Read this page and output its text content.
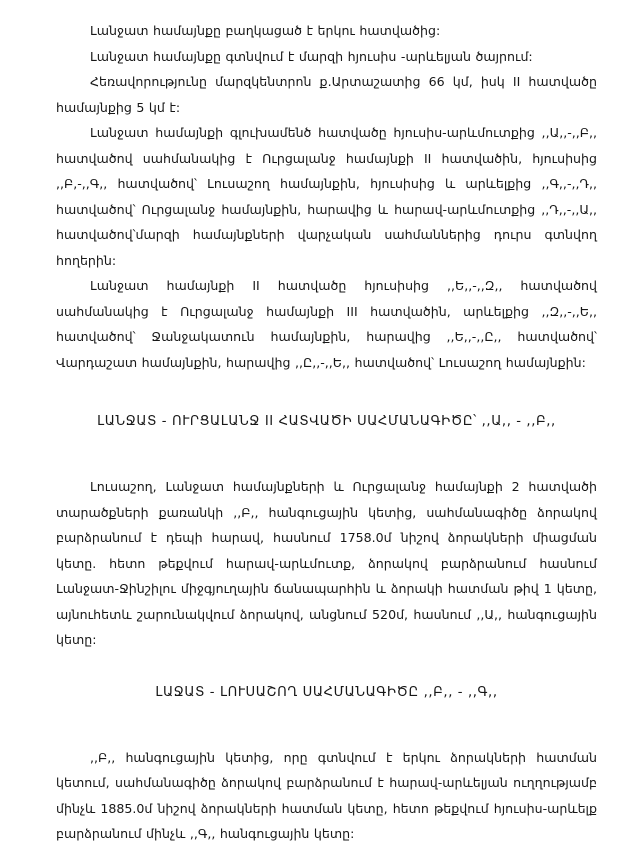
Լանջատ համայնքը բաղկացած է երկու հատվածից:

Լանջատ համայնքը գտնվում է մարզի հյուսիս -արևելյան ծայրում:

Հեռավորությունը մարզկենտրոն ք.Արտաշատից 66 կմ, իսկ II հատվածը համայնքից 5 կմ է:

Լանջատ համայնքի գլուխամենծ հատվածը հյուսիս-արևմուտքից ,,Ա,,-,,Բ,, հատվածով սահմանակից է Ուրցալանջ համայնքի II հատվածին, հյուսիսից ,,Բ,-,,Գ,, հատվածով՝ Լուսաշող համայնքին, հյուսիսից և արևելքից ,,Գ,,-,,Դ,, հատվածով՝ Ուրցալանջ համայնքին, հարավից և հարավ-արևմուտքից ,,Դ,,-,,Ա,, հատվածով՝մարզի համայնքների վարչական սահմաններից դուրս գտնվող հողերին:

Լանջատ համայնքի II հատվածը հյուսիսից ,,Ե,,-,,Զ,, հատվածով սահմանակից է Ուրցալանջ համայնքի III հատվածին, արևելքից ,,Զ,,-,,Ե,, հատվածով՝ Ջանջակատուն համայնքին, հարավից ,,Ե,,-,,Ը,, հատվածով՝ Վարդաշատ համայնքին, հարավից ,,Ը,,-,,Ե,, հատվածով՝ Լուսաշող համայնքին:

ԼԱՆՋԱՏ - ՈՒՐՑԱԼԱՆՋ II ՀԱՏՎԱԾԻ ՍԱՀՄԱՆԱԳԻԾԸ՝ ,,Ա,, - ,,Բ,,

Լուսաշող, Լանջատ համայնքների և Ուրցալանջ համայնքի 2 հատվածի տարածքների քառանկի ,,Բ,, հանգուցային կետից, սահմանագիծը ձորակով բարձրանում է դեպի հարավ, հասնում 1758.0մ նիշով ձորակների միացման կետը. հետո թեքվում հարավ-արևմուտք, ձորակով բարձրանում հասնում Լանջատ-Ջինշիլու միջգյուղային ճանապարհին և ձորակի հատման թիվ 1 կետը, այնուհետև շարունակվում ձորակով, անցնում 520մ, հասնում ,,Ա,, հանգուցային կետը:

ԼԱՋԱՏ - ԼՈՒՍԱՇՈՂ ՍԱՀՄԱՆԱԳԻԾԸ ,,Բ,, - ,,Գ,,

,,Բ,, հանգուցային կետից, որը գտնվում է երկու ձորակների հատման կետում, սահմանագիծը ձորակով բարձրանում է հարավ-արևելյան ուղղությամբ մինչև 1885.0մ նիշով ձորակների հատման կետը, հետո թեքվում հյուսիս-արևելք բարձրանում մինչև ,,Գ,, հանգուցային կետը:
